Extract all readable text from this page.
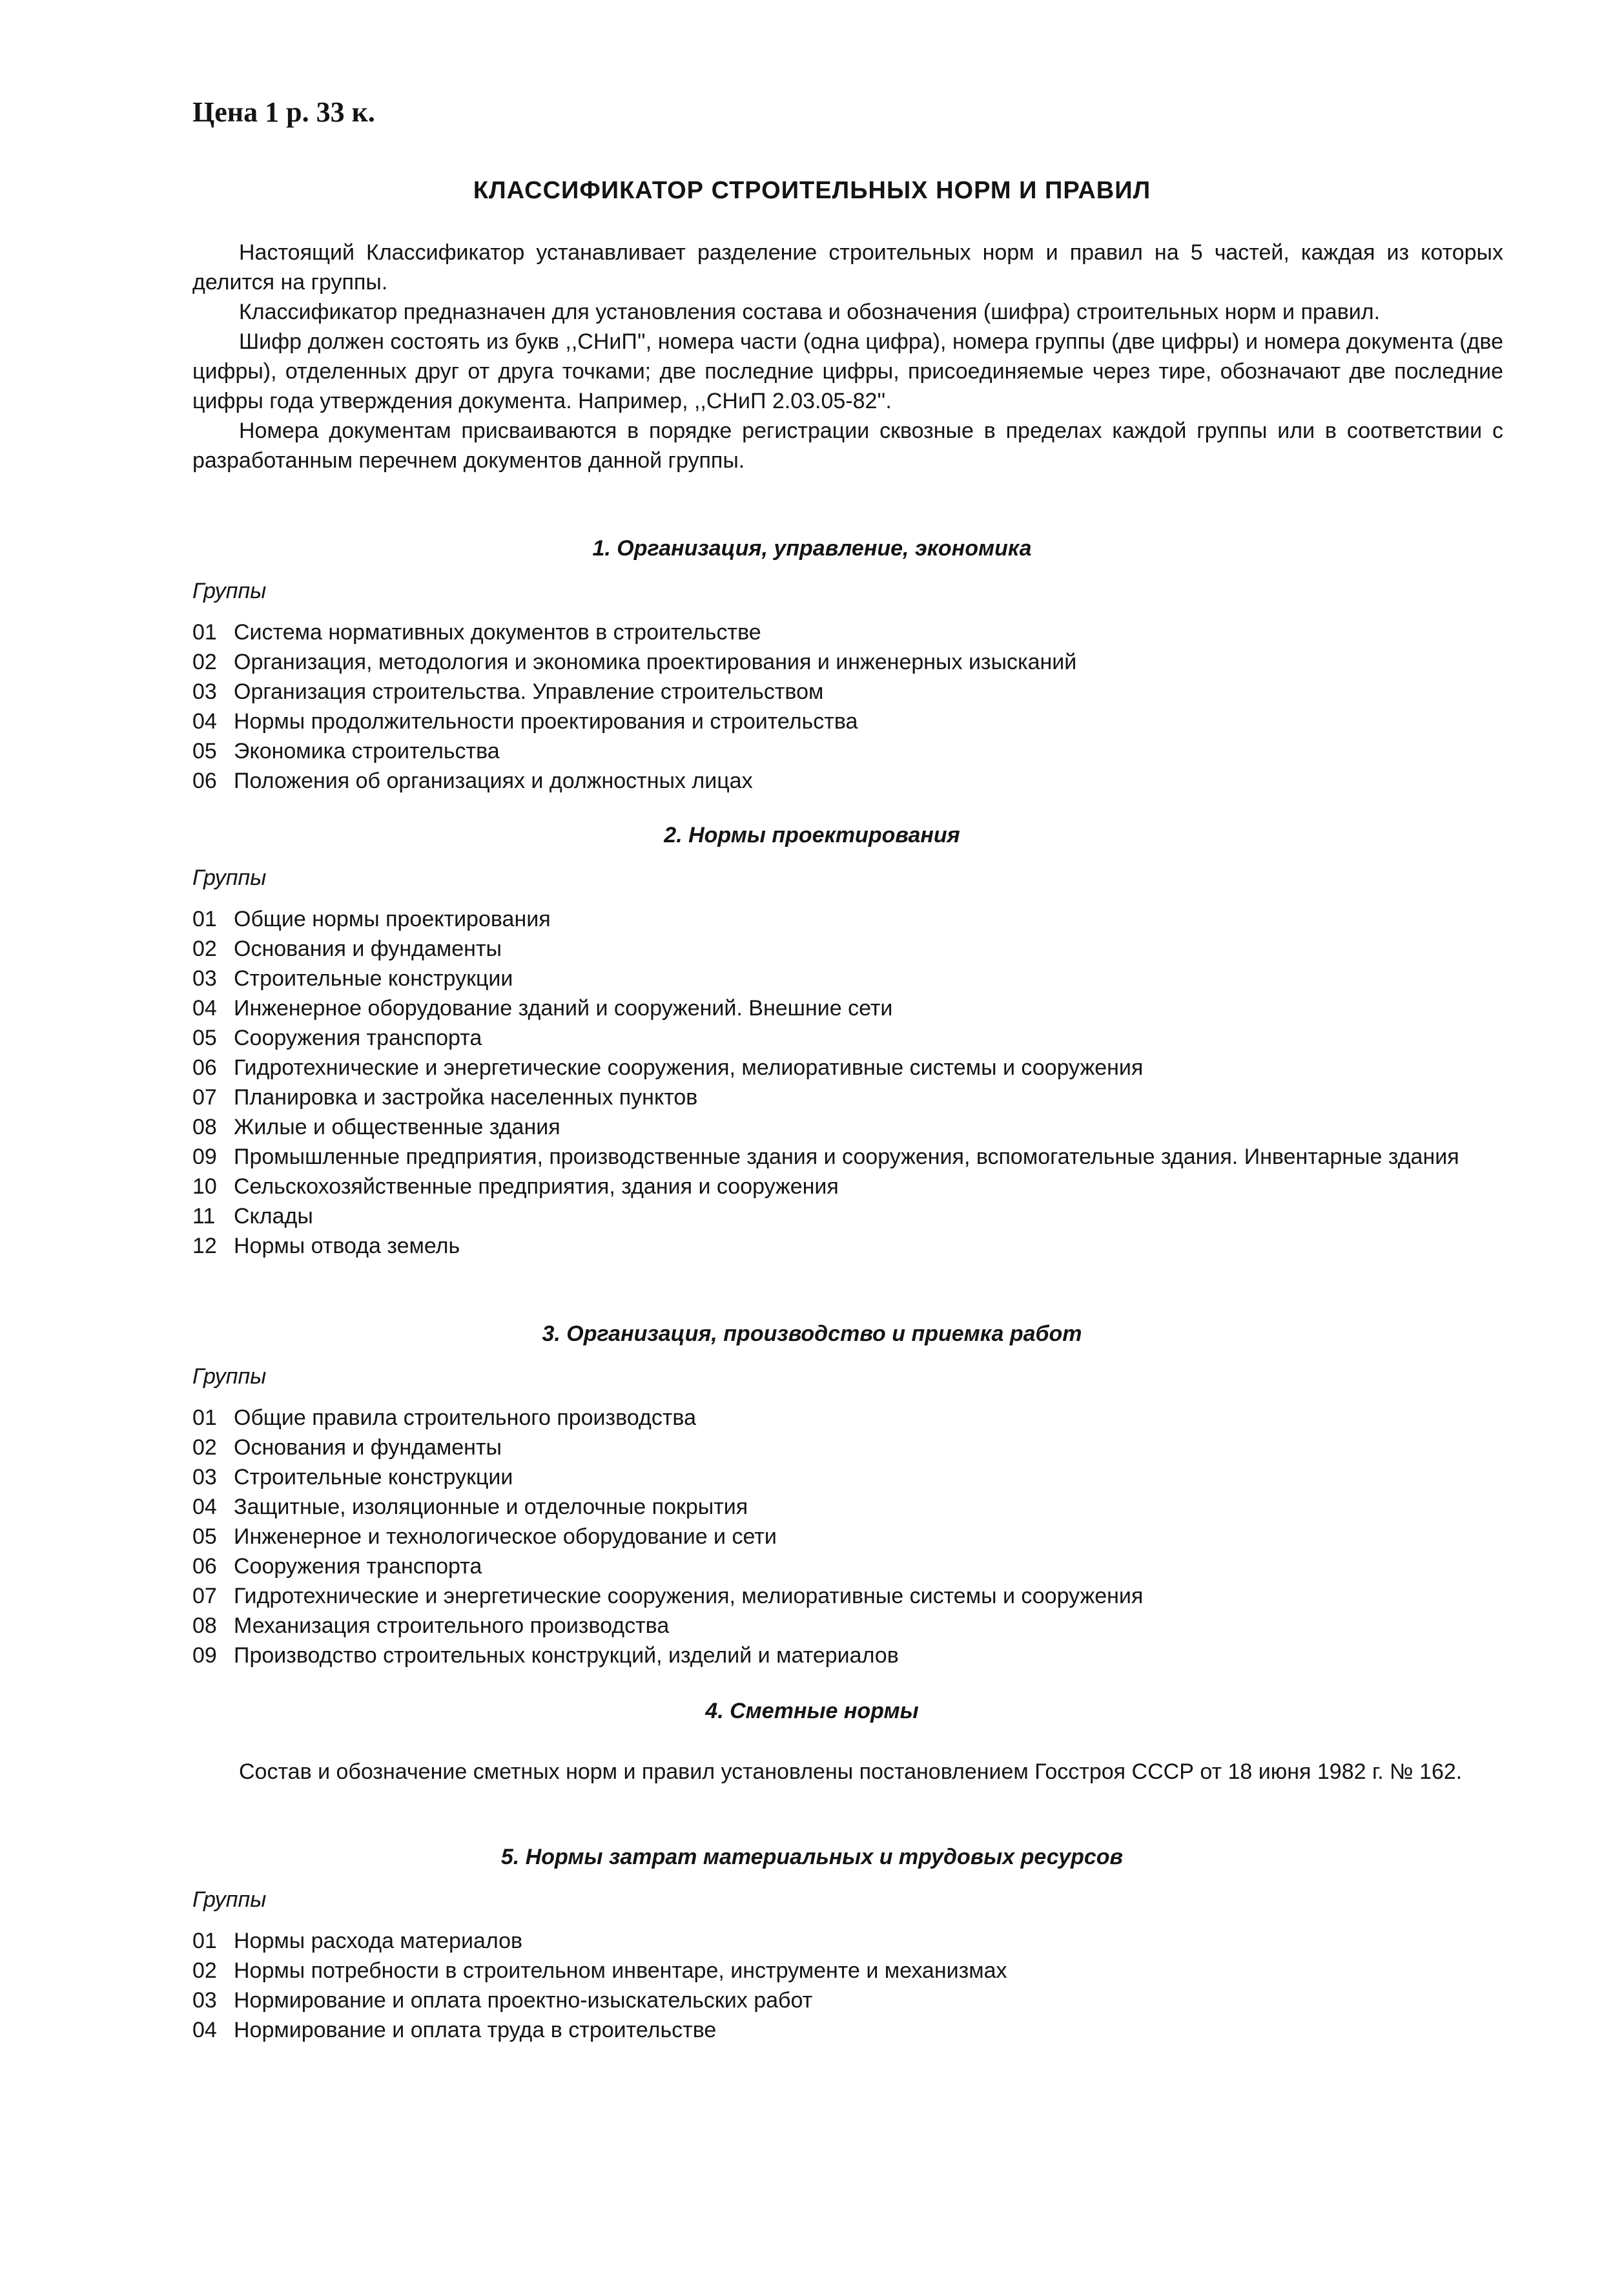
Цена 1 р. 33 к.
КЛАССИФИКАТОР СТРОИТЕЛЬНЫХ НОРМ И ПРАВИЛ

Настоящий Классификатор устанавливает разделение строительных норм и правил на 5 частей, каждая из которых делится на группы.

Классификатор предназначен для установления состава и обозначения (шифра) строительных норм и правил.

Шифр должен состоять из букв ,,СНиП'', номера части (одна цифра), номера группы (две цифры) и номера документа (две цифры), отделенных друг от друга точками; две последние цифры, присоединяемые через тире, обозначают две последние цифры года утверждения документа. Например, ,,СНиП 2.03.05-82''.

Номера документам присваиваются в порядке регистрации сквозные в пределах каждой группы или в соответствии с разработанным перечнем документов данной группы.

1. Организация, управление, экономика
Группы
01 Система нормативных документов в строительстве
02 Организация, методология и экономика проектирования и инженерных изысканий
03 Организация строительства. Управление строительством
04 Нормы продолжительности проектирования и строительства
05 Экономика строительства
06 Положения об организациях и должностных лицах
2. Нормы проектирования
Группы
01 Общие нормы проектирования
02 Основания и фундаменты
03 Строительные конструкции
04 Инженерное оборудование зданий и сооружений. Внешние сети
05 Сооружения транспорта
06 Гидротехнические и энергетические сооружения, мелиоративные системы и сооружения
07 Планировка и застройка населенных пунктов
08 Жилые и общественные здания
09 Промышленные предприятия, производственные здания и сооружения, вспомогательные здания. Инвентарные здания
10 Сельскохозяйственные предприятия, здания и сооружения
11 Склады
12 Нормы отвода земель
3. Организация, производство и приемка работ
Группы
01 Общие правила строительного производства
02 Основания и фундаменты
03 Строительные конструкции
04 Защитные, изоляционные и отделочные покрытия
05 Инженерное и технологическое оборудование и сети
06 Сооружения транспорта
07 Гидротехнические и энергетические сооружения, мелиоративные системы и сооружения
08 Механизация строительного производства
09 Производство строительных конструкций, изделий и материалов
4. Сметные нормы

Состав и обозначение сметных норм и правил установлены постановлением Госстроя СССР от 18 июня 1982 г. № 162.

5. Нормы затрат материальных и трудовых ресурсов
Группы
01 Нормы расхода материалов
02 Нормы потребности в строительном инвентаре, инструменте и механизмах
03 Нормирование и оплата проектно-изыскательских работ
04 Нормирование и оплата труда в строительстве
